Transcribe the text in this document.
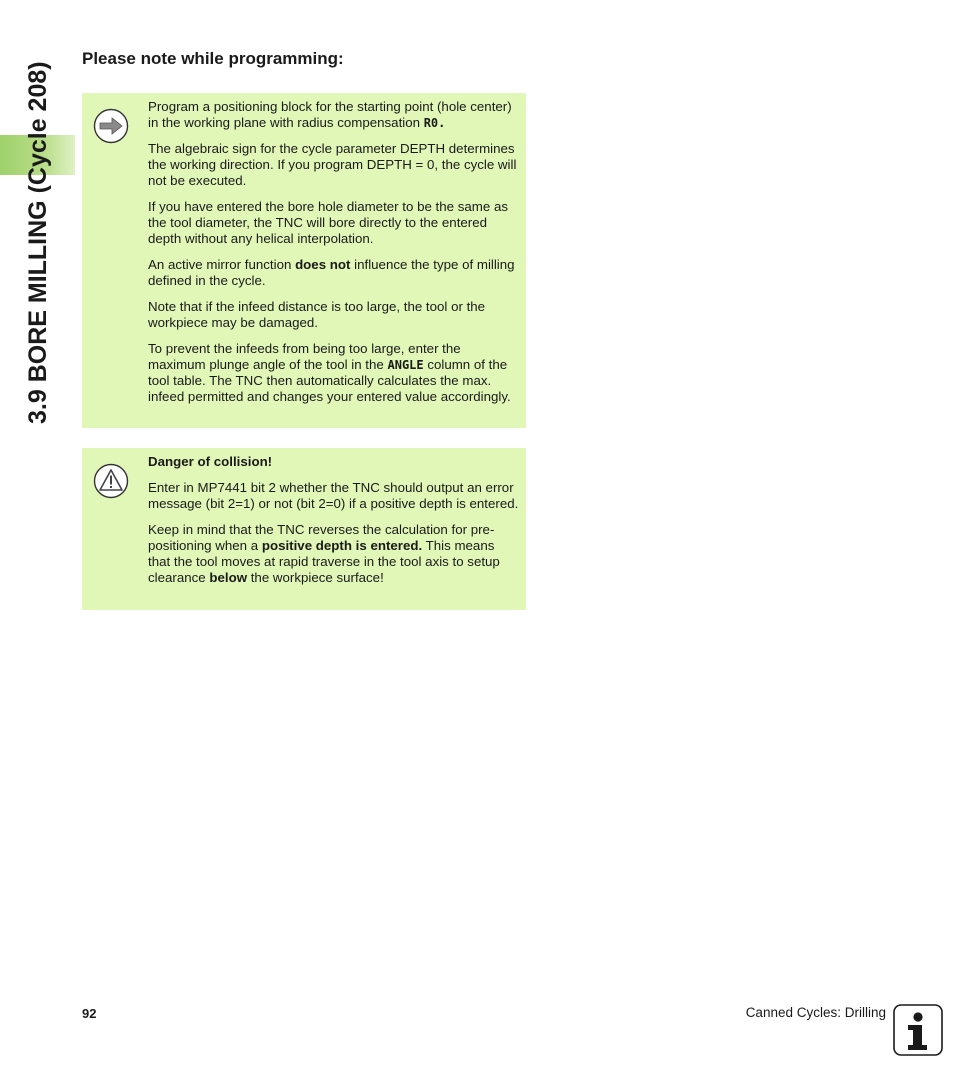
3.9 BORE MILLING (Cycle 208)
Please note while programming:

Program a positioning block for the starting point (hole center) in the working plane with radius compensation R0.

The algebraic sign for the cycle parameter DEPTH determines the working direction. If you program DEPTH = 0, the cycle will not be executed.

If you have entered the bore hole diameter to be the same as the tool diameter, the TNC will bore directly to the entered depth without any helical interpolation.

An active mirror function does not influence the type of milling defined in the cycle.

Note that if the infeed distance is too large, the tool or the workpiece may be damaged.

To prevent the infeeds from being too large, enter the maximum plunge angle of the tool in the ANGLE column of the tool table. The TNC then automatically calculates the max. infeed permitted and changes your entered value accordingly.

Danger of collision!

Enter in MP7441 bit 2 whether the TNC should output an error message (bit 2=1) or not (bit 2=0) if a positive depth is entered.

Keep in mind that the TNC reverses the calculation for pre-positioning when a positive depth is entered. This means that the tool moves at rapid traverse in the tool axis to setup clearance below the workpiece surface!

92	Canned Cycles: Drilling
